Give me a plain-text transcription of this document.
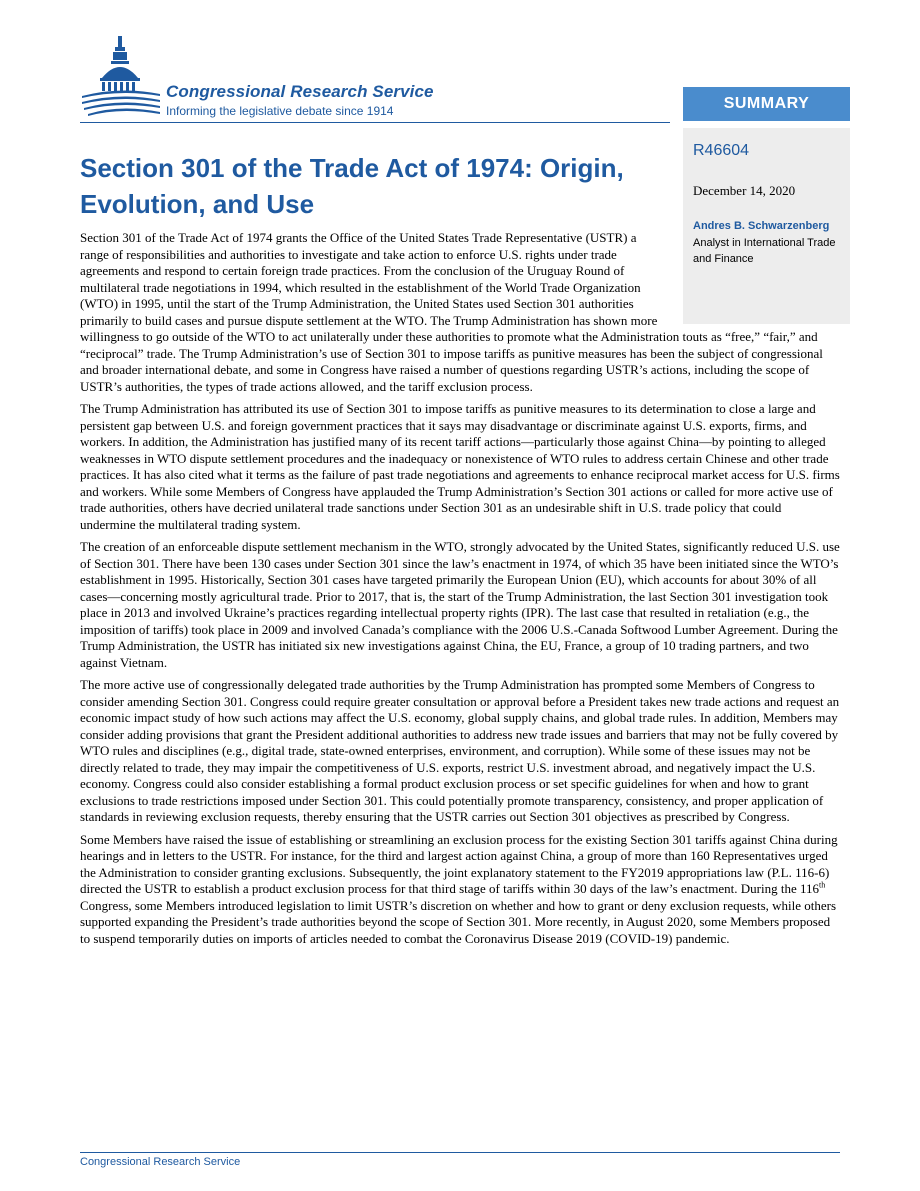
Congressional Research Service

Informing the legislative debate since 1914	SUMMARY

R46604

December 14, 2020

Andres B. Schwarzenberg

Analyst in International Trade and Finance

Section 301 of the Trade Act of 1974: Origin, Evolution, and Use

Section 301 of the Trade Act of 1974 grants the Office of the United States Trade Representative (USTR) a range of responsibilities and authorities to investigate and take action to enforce U.S. rights under trade agreements and respond to certain foreign trade practices. From the conclusion of the Uruguay Round of multilateral trade negotiations in 1994, which resulted in the establishment of the World Trade Organization (WTO) in 1995, until the start of the Trump Administration, the United States used Section 301 authorities primarily to build cases and pursue dispute settlement at the WTO. The Trump Administration has shown more willingness to go outside of the WTO to act unilaterally under these authorities to promote what the Administration touts as “free,” “fair,” and “reciprocal” trade. The Trump Administration’s use of Section 301 to impose tariffs as punitive measures has been the subject of congressional and broader international debate, and some in Congress have raised a number of questions regarding USTR’s actions, including the scope of USTR’s authorities, the types of trade actions allowed, and the tariff exclusion process.

The Trump Administration has attributed its use of Section 301 to impose tariffs as punitive measures to its determination to close a large and persistent gap between U.S. and foreign government practices that it says may disadvantage or discriminate against U.S. exports, firms, and workers. In addition, the Administration has justified many of its recent tariff actions—particularly those against China—by pointing to alleged weaknesses in WTO dispute settlement procedures and the inadequacy or nonexistence of WTO rules to address certain Chinese and other trade practices. It has also cited what it terms as the failure of past trade negotiations and agreements to enhance reciprocal market access for U.S. firms and workers. While some Members of Congress have applauded the Trump Administration’s Section 301 actions or called for more active use of trade authorities, others have decried unilateral trade sanctions under Section 301 as an undesirable shift in U.S. trade policy that could undermine the multilateral trading system.

The creation of an enforceable dispute settlement mechanism in the WTO, strongly advocated by the United States, significantly reduced U.S. use of Section 301. There have been 130 cases under Section 301 since the law’s enactment in 1974, of which 35 have been initiated since the WTO’s establishment in 1995. Historically, Section 301 cases have targeted primarily the European Union (EU), which accounts for about 30% of all cases—concerning mostly agricultural trade. Prior to 2017, that is, the start of the Trump Administration, the last Section 301 investigation took place in 2013 and involved Ukraine’s practices regarding intellectual property rights (IPR). The last case that resulted in retaliation (e.g., the imposition of tariffs) took place in 2009 and involved Canada’s compliance with the 2006 U.S.-Canada Softwood Lumber Agreement. During the Trump Administration, the USTR has initiated six new investigations against China, the EU, France, a group of 10 trading partners, and two against Vietnam.

The more active use of congressionally delegated trade authorities by the Trump Administration has prompted some Members of Congress to consider amending Section 301. Congress could require greater consultation or approval before a President takes new trade actions and request an economic impact study of how such actions may affect the U.S. economy, global supply chains, and global trade rules. In addition, Members may consider adding provisions that grant the President additional authorities to address new trade issues and barriers that may not be fully covered by WTO rules and disciplines (e.g., digital trade, state-owned enterprises, environment, and corruption). While some of these issues may not be directly related to trade, they may impair the competitiveness of U.S. exports, restrict U.S. investment abroad, and negatively impact the U.S. economy. Congress could also consider establishing a formal product exclusion process or set specific guidelines for when and how to grant exclusions to trade restrictions imposed under Section 301. This could potentially promote transparency, consistency, and proper application of standards in reviewing exclusion requests, thereby ensuring that the USTR carries out Section 301 objectives as prescribed by Congress.

Some Members have raised the issue of establishing or streamlining an exclusion process for the existing Section 301 tariffs against China during hearings and in letters to the USTR. For instance, for the third and largest action against China, a group of more than 160 Representatives urged the Administration to consider granting exclusions. Subsequently, the joint explanatory statement to the FY2019 appropriations law (P.L. 116-6) directed the USTR to establish a product exclusion process for that third stage of tariffs within 30 days of the law’s enactment. During the 116th Congress, some Members introduced legislation to limit USTR’s discretion on whether and how to grant or deny exclusion requests, while others supported expanding the President’s trade authorities beyond the scope of Section 301. More recently, in August 2020, some Members proposed to suspend temporarily duties on imports of articles needed to combat the Coronavirus Disease 2019 (COVID-19) pandemic.

Congressional Research Service
